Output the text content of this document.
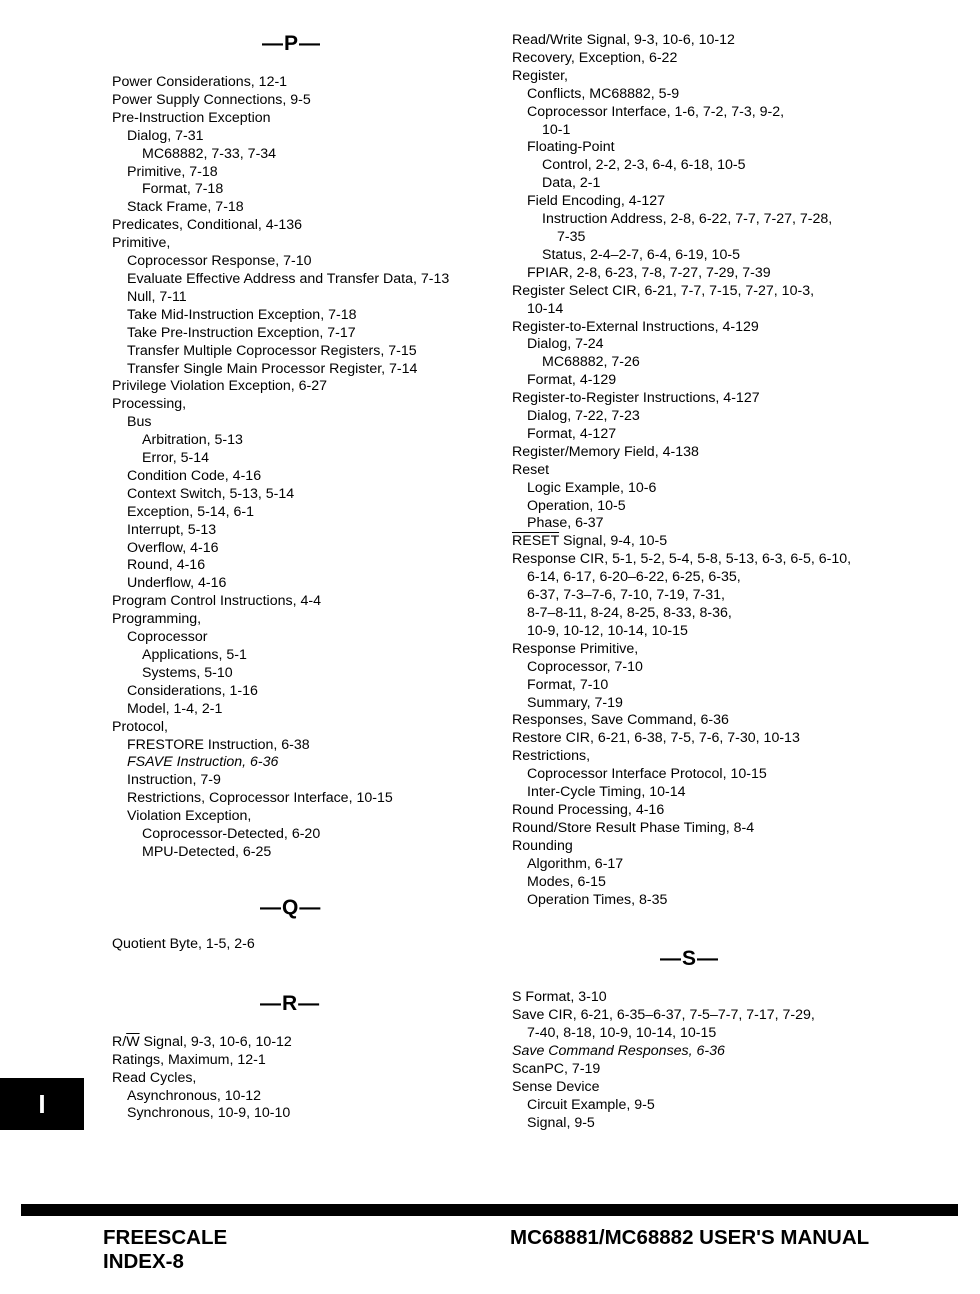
—P—
Power Considerations, 12-1
Power Supply Connections, 9-5
Pre-Instruction Exception
Dialog, 7-31
MC68882, 7-33, 7-34
Primitive, 7-18
Format, 7-18
Stack Frame, 7-18
Predicates, Conditional, 4-136
Primitive,
Coprocessor Response, 7-10
Evaluate Effective Address and Transfer Data, 7-13
Null, 7-11
Take Mid-Instruction Exception, 7-18
Take Pre-Instruction Exception, 7-17
Transfer Multiple Coprocessor Registers, 7-15
Transfer Single Main Processor Register, 7-14
Privilege Violation Exception, 6-27
Processing,
Bus
Arbitration, 5-13
Error, 5-14
Condition Code, 4-16
Context Switch, 5-13, 5-14
Exception, 5-14, 6-1
Interrupt, 5-13
Overflow, 4-16
Round, 4-16
Underflow, 4-16
Program Control Instructions, 4-4
Programming,
Coprocessor
Applications, 5-1
Systems, 5-10
Considerations, 1-16
Model, 1-4, 2-1
Protocol,
FRESTORE Instruction, 6-38
FSAVE Instruction, 6-36
Instruction, 7-9
Restrictions, Coprocessor Interface, 10-15
Violation Exception,
Coprocessor-Detected, 6-20
MPU-Detected, 6-25
—Q—
Quotient Byte, 1-5, 2-6
—R—
$R/\overline{W}$ Signal, 9-3, 10-6, 10-12
Ratings, Maximum, 12-1
Read Cycles,
Asynchronous, 10-12
Synchronous, 10-9, 10-10
Read/Write Signal, 9-3, 10-6, 10-12
Recovery, Exception, 6-22
Register,
Conflicts, MC68882, 5-9
Coprocessor Interface, 1-6, 7-2, 7-3, 9-2,
10-1
Floating-Point
Control, 2-2, 2-3, 6-4, 6-18, 10-5
Data, 2-1
Field Encoding, 4-127
Instruction Address, 2-8, 6-22, 7-7, 7-27, 7-28,
7-35
Status, 2-4–2-7, 6-4, 6-19, 10-5
FPIAR, 2-8, 6-23, 7-8, 7-27, 7-29, 7-39
Register Select CIR, 6-21, 7-7, 7-15, 7-27, 10-3,
10-14
Register-to-External Instructions, 4-129
Dialog, 7-24
MC68882, 7-26
Format, 4-129
Register-to-Register Instructions, 4-127
Dialog, 7-22, 7-23
Format, 4-127
Register/Memory Field, 4-138
Reset
Logic Example, 10-6
Operation, 10-5
Phase, 6-37
RESET Signal, 9-4, 10-5
Response CIR, 5-1, 5-2, 5-4, 5-8, 5-13, 6-3, 6-5, 6-10,
6-14, 6-17, 6-20–6-22, 6-25, 6-35,
6-37, 7-3–7-6, 7-10, 7-19, 7-31,
8-7–8-11, 8-24, 8-25, 8-33, 8-36,
10-9, 10-12, 10-14, 10-15
Response Primitive,
Coprocessor, 7-10
Format, 7-10
Summary, 7-19
Responses, Save Command, 6-36
Restore CIR, 6-21, 6-38, 7-5, 7-6, 7-30, 10-13
Restrictions,
Coprocessor Interface Protocol, 10-15
Inter-Cycle Timing, 10-14
Round Processing, 4-16
Round/Store Result Phase Timing, 8-4
Rounding
Algorithm, 6-17
Modes, 6-15
Operation Times, 8-35
—S—
S Format, 3-10
Save CIR, 6-21, 6-35–6-37, 7-5–7-7, 7-17, 7-29,
7-40, 8-18, 10-9, 10-14, 10-15
Save Command Responses, 6-36
ScanPC, 7-19
Sense Device
Circuit Example, 9-5
Signal, 9-5
I
FREESCALE
INDEX-8
MC68881/MC68882 USER'S MANUAL
